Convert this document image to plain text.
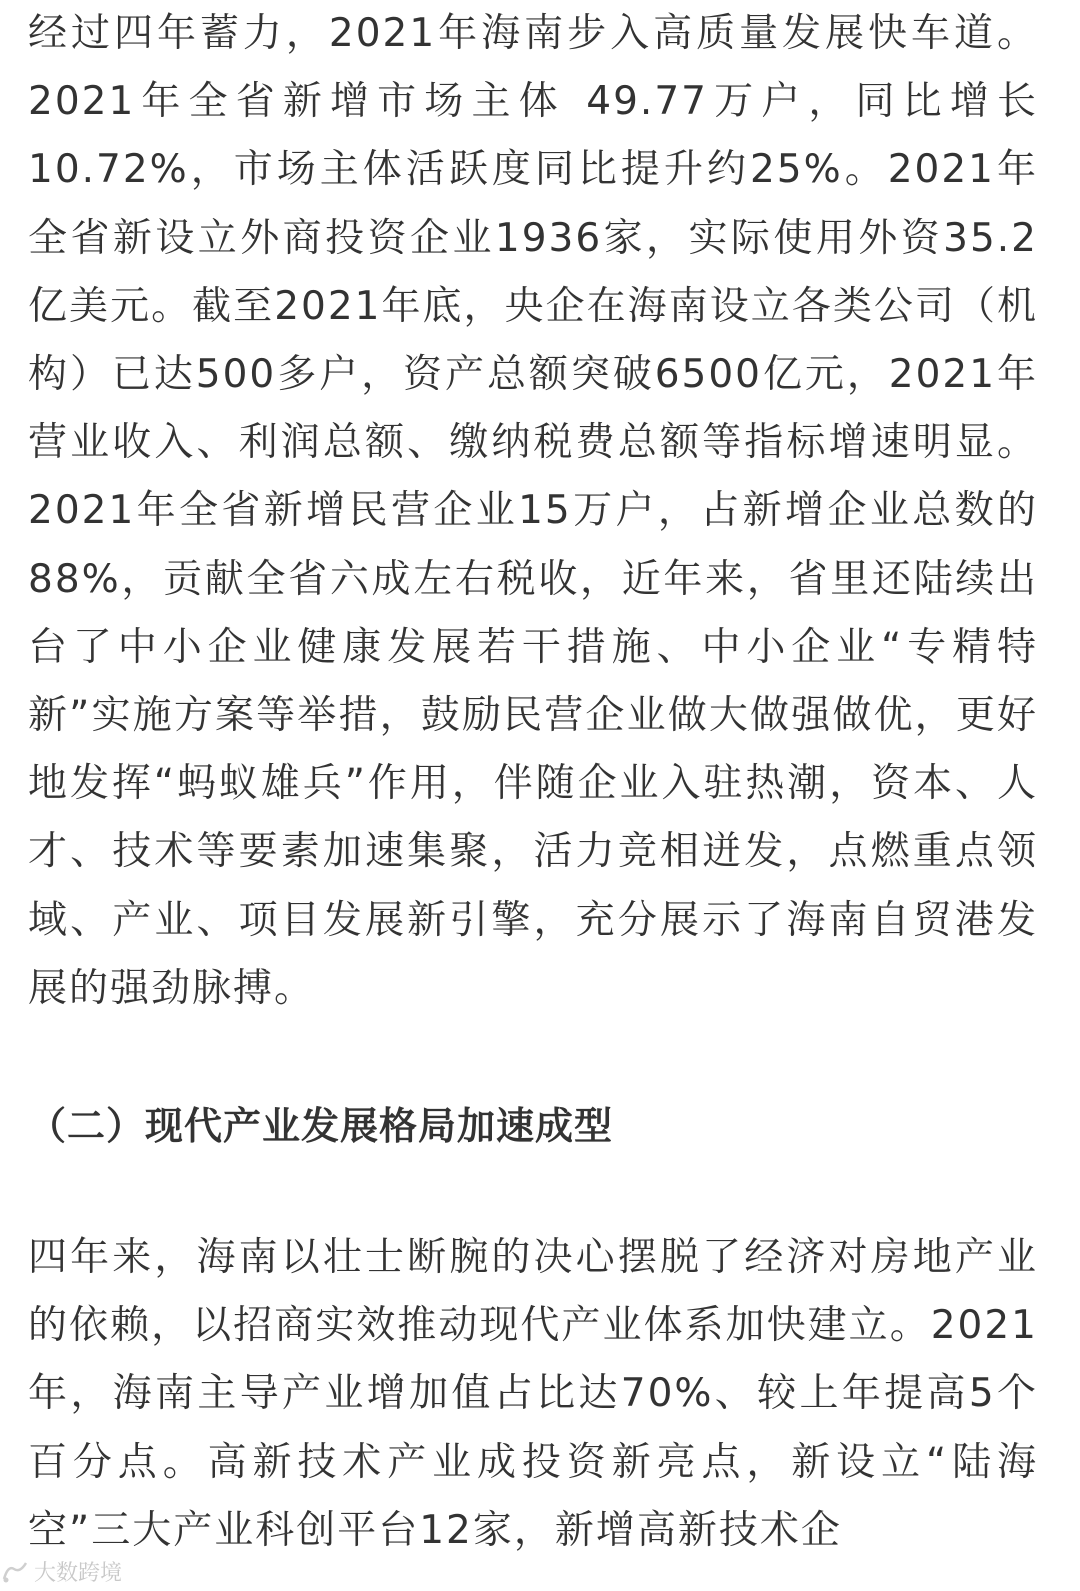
经过四年蓄力，2021年海南步入高质量发展快车道。2021年全省新增市场主体 49.77万户，同比增长10.72%，市场主体活跃度同比提升约25%。2021年全省新设立外商投资企业1936家，实际使用外资35.2亿美元。截至2021年底，央企在海南设立各类公司（机构）已达500多户，资产总额突破6500亿元，2021年营业收入、利润总额、缴纳税费总额等指标增速明显。2021年全省新增民营企业15万户，占新增企业总数的88%，贡献全省六成左右税收，近年来，省里还陆续出台了中小企业健康发展若干措施、中小企业“专精特新”实施方案等举措，鼓励民营企业做大做强做优，更好地发挥“蚂蚁雄兵”作用，伴随企业入驻热潮，资本、人才、技术等要素加速集聚，活力竞相迸发，点燃重点领域、产业、项目发展新引擎，充分展示了海南自贸港发展的强劲脉搏。

（二）现代产业发展格局加速成型

四年来，海南以壮士断腕的决心摆脱了经济对房地产业的依赖，以招商实效推动现代产业体系加快建立。2021年，海南主导产业增加值占比达70%、较上年提高5个百分点。高新技术产业成投资新亮点，新设立“陆海空”三大产业科创平台12家，新增高新技术企

大数跨境
